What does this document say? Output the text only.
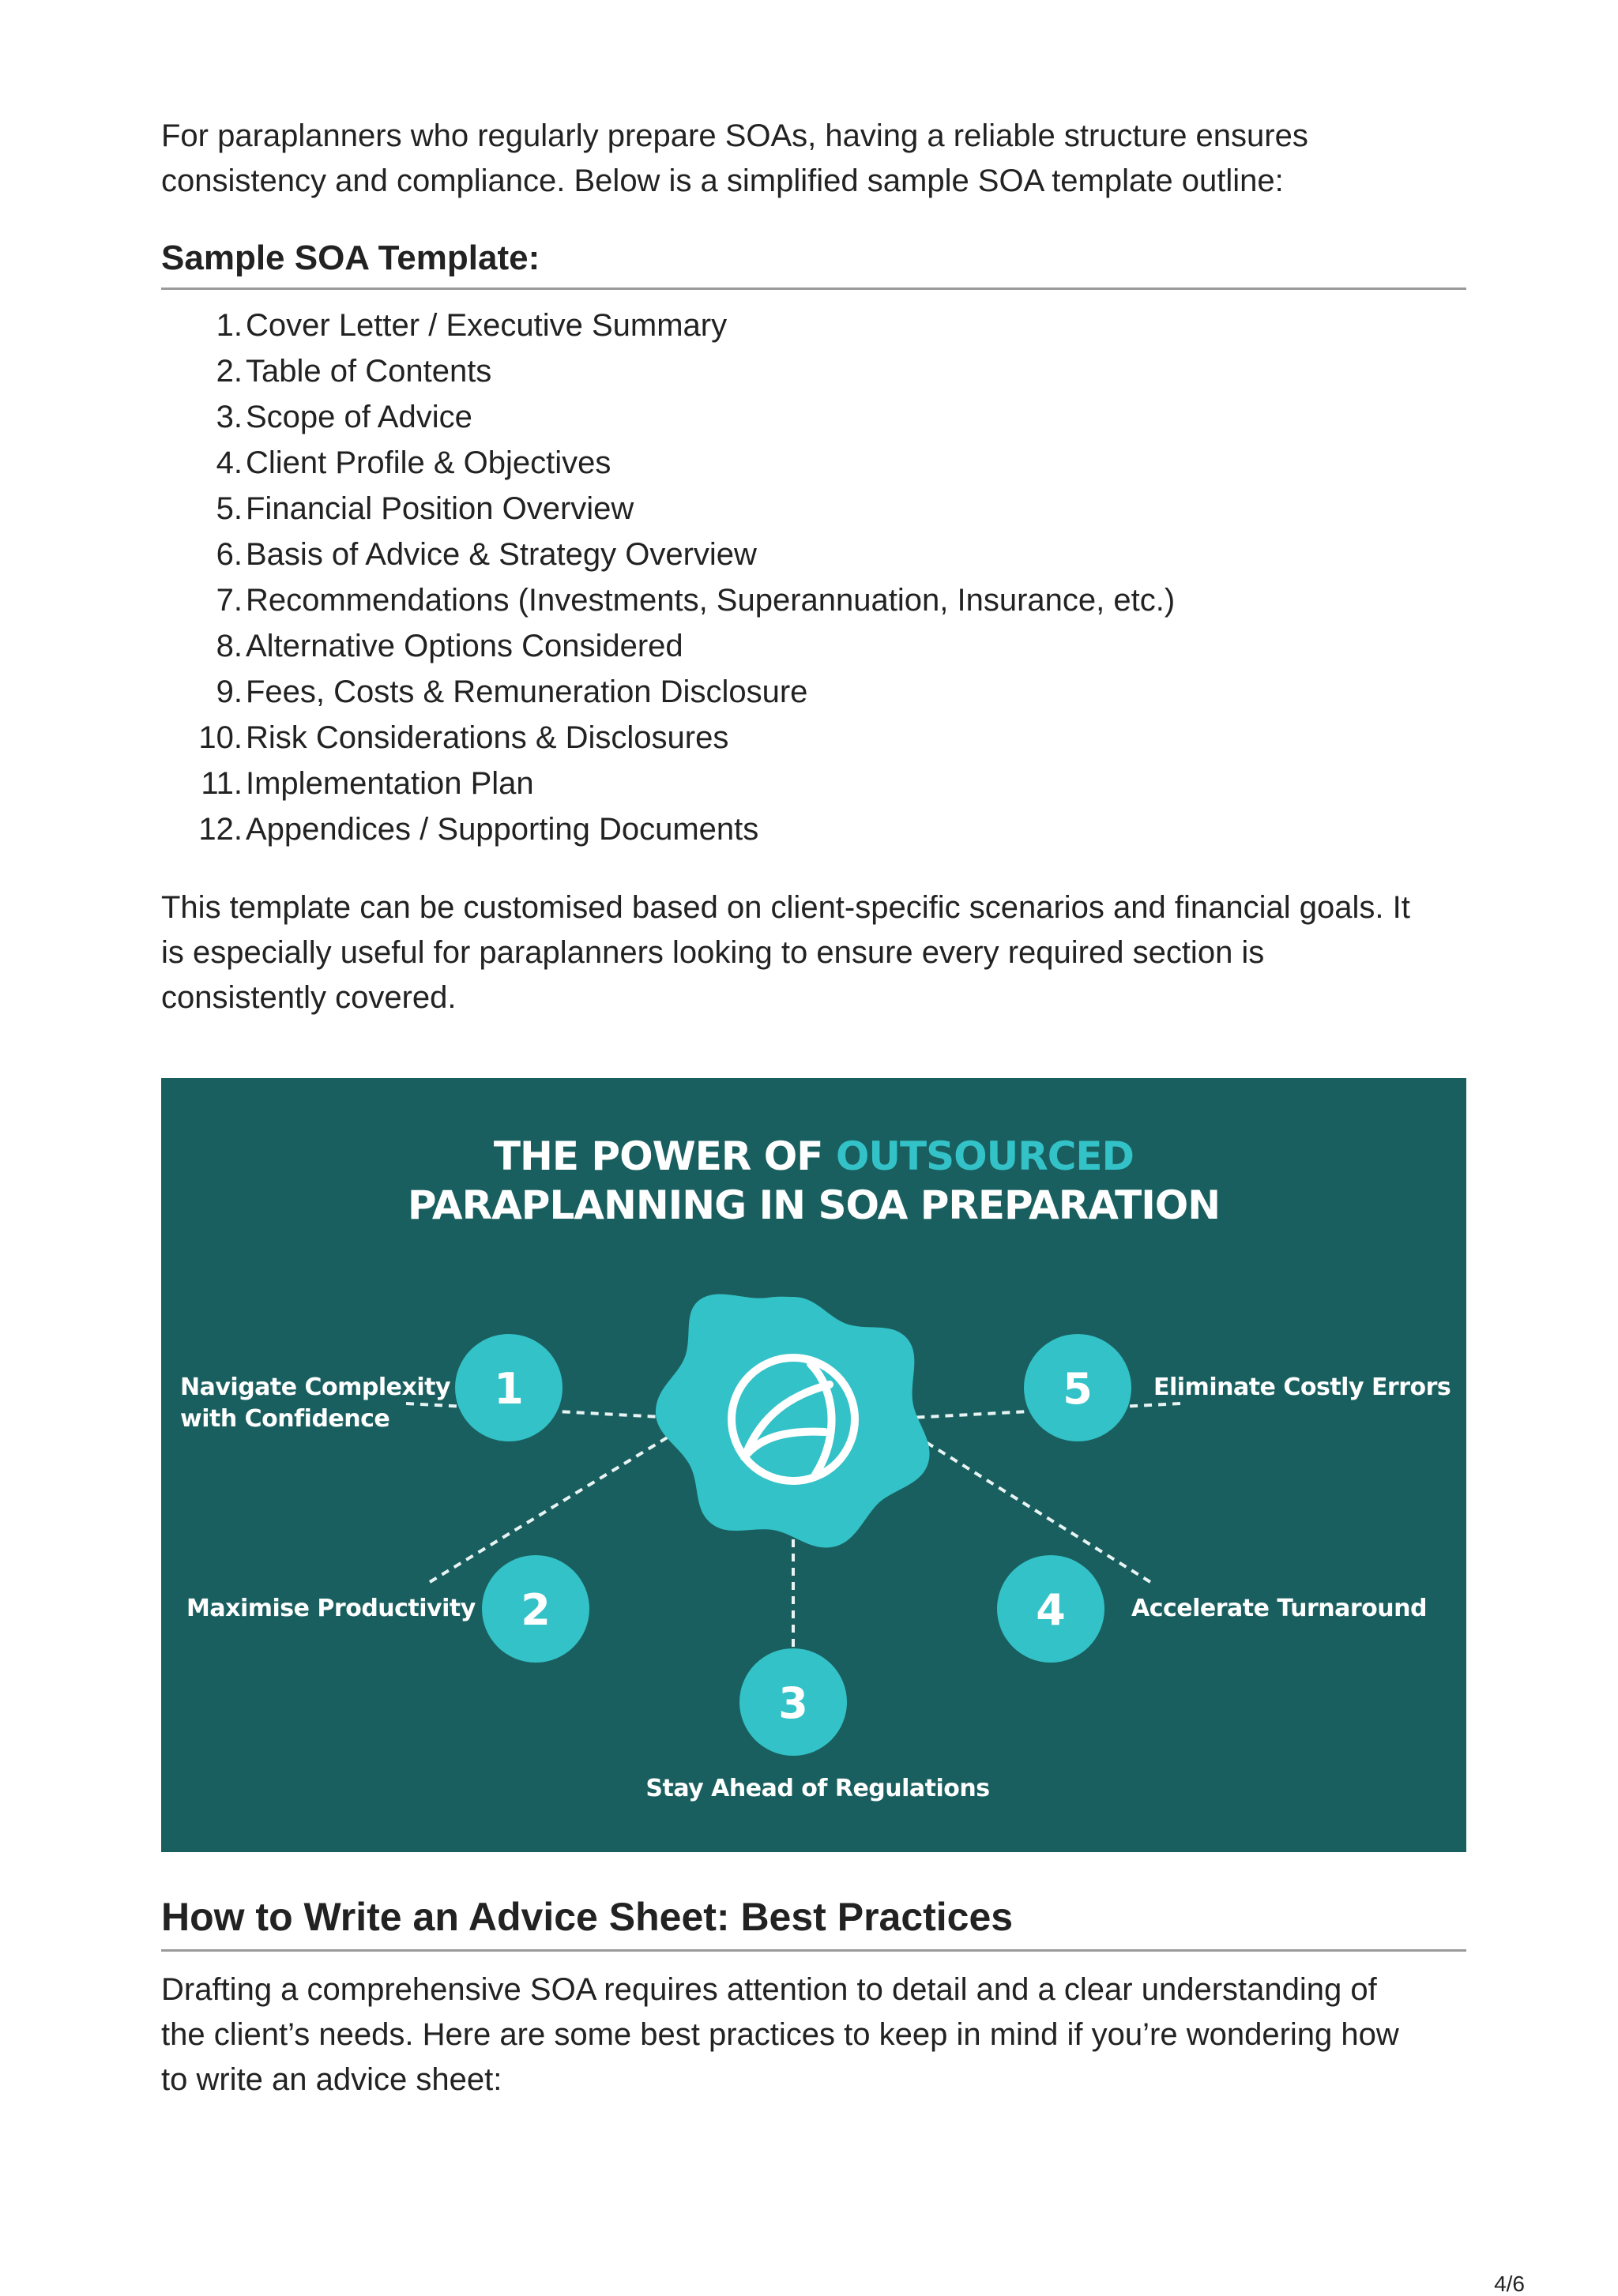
For paraplanners who regularly prepare SOAs, having a reliable structure ensures
consistency and compliance. Below is a simplified sample SOA template outline:

Sample SOA Template:
1. Cover Letter / Executive Summary
2. Table of Contents
3. Scope of Advice
4. Client Profile & Objectives
5. Financial Position Overview
6. Basis of Advice & Strategy Overview
7. Recommendations (Investments, Superannuation, Insurance, etc.)
8. Alternative Options Considered
9. Fees, Costs & Remuneration Disclosure
10. Risk Considerations & Disclosures
11. Implementation Plan
12. Appendices / Supporting Documents

This template can be customised based on client-specific scenarios and financial goals. It
is especially useful for paraplanners looking to ensure every required section is
consistently covered.

THE POWER OF OUTSOURCED
PARAPLANNING IN SOA PREPARATION
1
2
3
4
5
Navigate Complexity
with Confidence
Maximise Productivity
Stay Ahead of Regulations
Accelerate Turnaround
Eliminate Costly Errors
How to Write an Advice Sheet: Best Practices

Drafting a comprehensive SOA requires attention to detail and a clear understanding of
the client’s needs. Here are some best practices to keep in mind if you’re wondering how
to write an advice sheet:

4/6
